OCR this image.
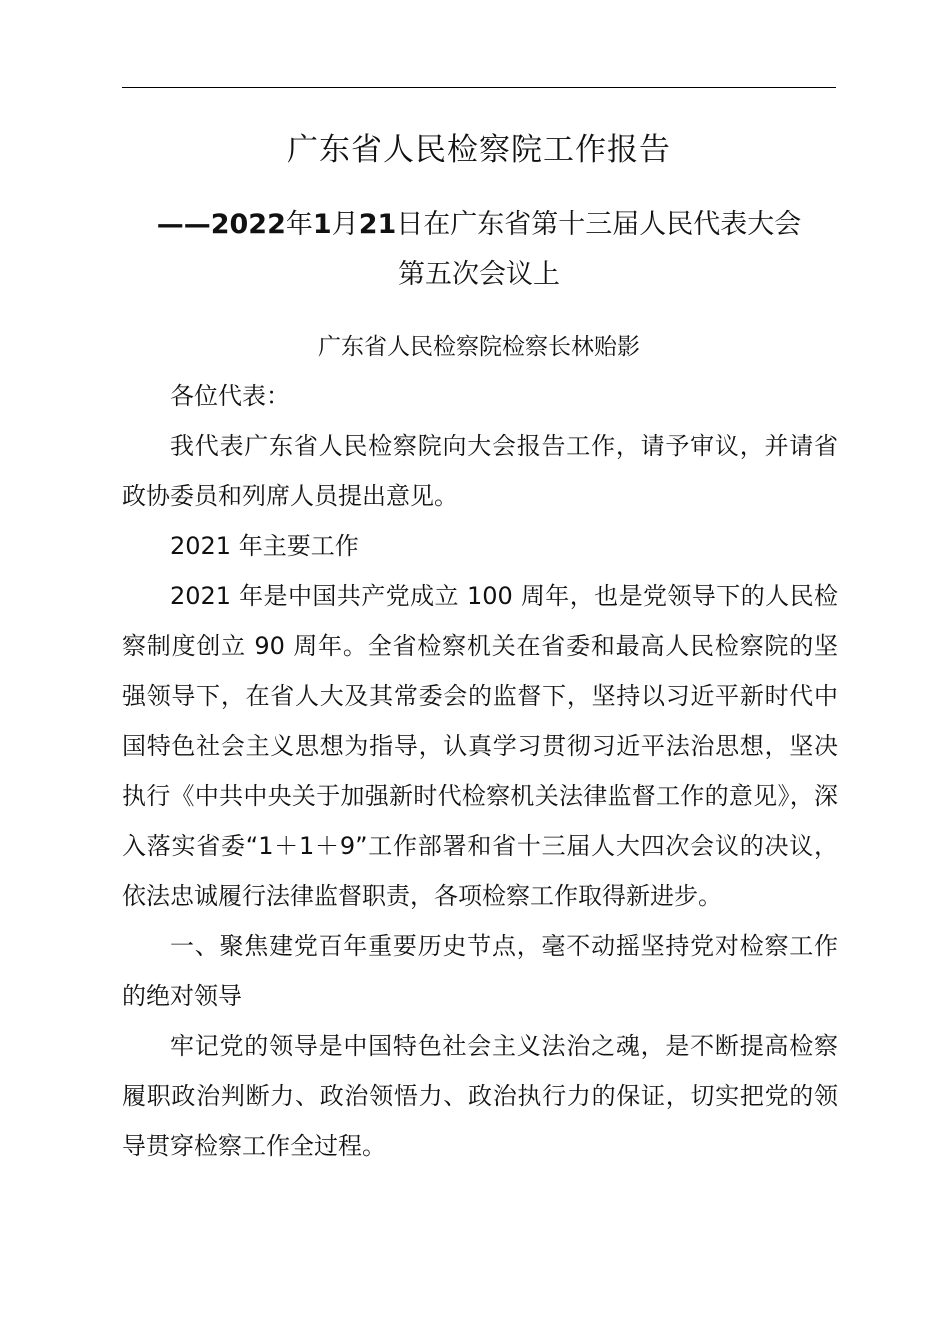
广东省人民检察院工作报告
——2022年1月21日在广东省第十三届人民代表大会
第五次会议上
广东省人民检察院检察长林贻影

各位代表：

我代表广东省人民检察院向大会报告工作，请予审议，并请省政协委员和列席人员提出意见。

2021 年主要工作

2021 年是中国共产党成立 100 周年，也是党领导下的人民检察制度创立 90 周年。全省检察机关在省委和最高人民检察院的坚强领导下，在省人大及其常委会的监督下，坚持以习近平新时代中国特色社会主义思想为指导，认真学习贯彻习近平法治思想，坚决执行《中共中央关于加强新时代检察机关法律监督工作的意见》，深入落实省委“1＋1＋9”工作部署和省十三届人大四次会议的决议，依法忠诚履行法律监督职责，各项检察工作取得新进步。

一、聚焦建党百年重要历史节点，毫不动摇坚持党对检察工作的绝对领导

牢记党的领导是中国特色社会主义法治之魂，是不断提高检察履职政治判断力、政治领悟力、政治执行力的保证，切实把党的领导贯穿检察工作全过程。
